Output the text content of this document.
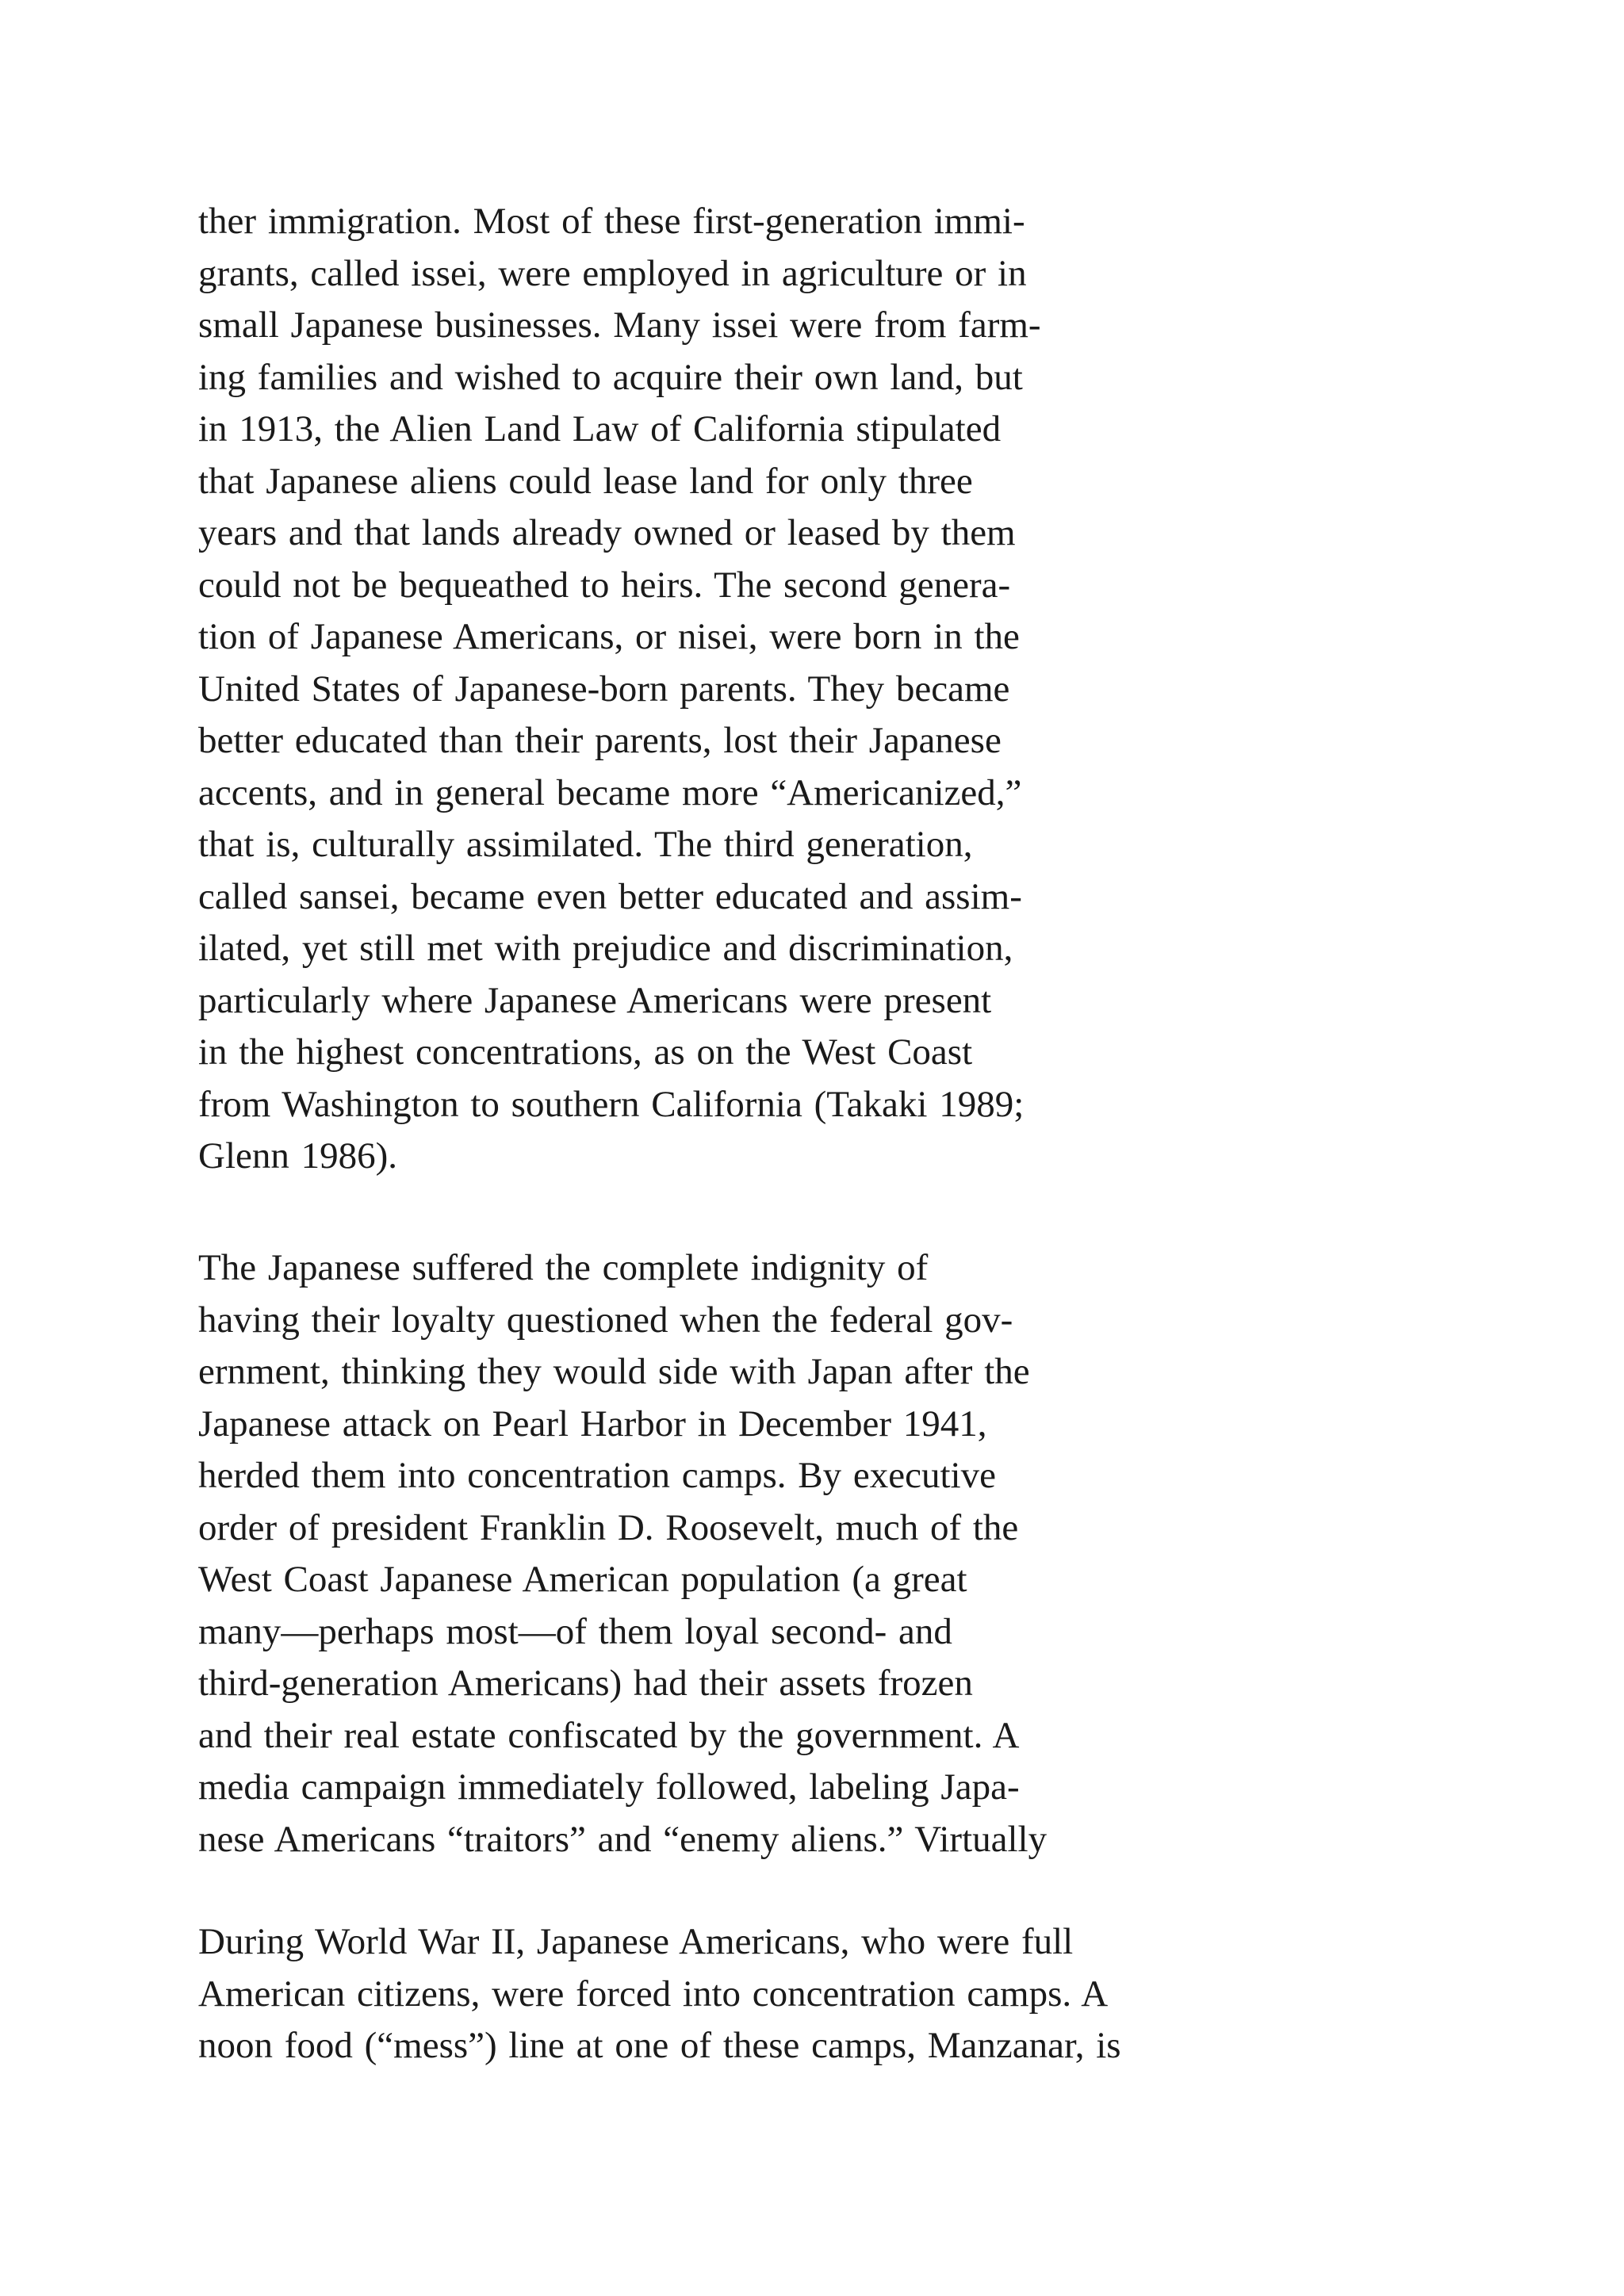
ther immigration. Most of these first-generation immi-
grants, called issei, were employed in agriculture or in
small Japanese businesses. Many issei were from farm-
ing families and wished to acquire their own land, but
in 1913, the Alien Land Law of California stipulated
that Japanese aliens could lease land for only three
years and that lands already owned or leased by them
could not be bequeathed to heirs. The second genera-
tion of Japanese Americans, or nisei, were born in the
United States of Japanese-born parents. They became
better educated than their parents, lost their Japanese
accents, and in general became more “Americanized,”
that is, culturally assimilated. The third generation,
called sansei, became even better educated and assim-
ilated, yet still met with prejudice and discrimination,
particularly where Japanese Americans were present
in the highest concentrations, as on the West Coast
from Washington to southern California (Takaki 1989;
Glenn 1986).
The Japanese suffered the complete indignity of
having their loyalty questioned when the federal gov-
ernment, thinking they would side with Japan after the
Japanese attack on Pearl Harbor in December 1941,
herded them into concentration camps. By executive
order of president Franklin D. Roosevelt, much of the
West Coast Japanese American population (a great
many—perhaps most—of them loyal second- and
third-generation Americans) had their assets frozen
and their real estate confiscated by the government. A
media campaign immediately followed, labeling Japa-
nese Americans “traitors” and “enemy aliens.” Virtually
During World War II, Japanese Americans, who were full
American citizens, were forced into concentration camps. A
noon food (“mess”) line at one of these camps, Manzanar, is
